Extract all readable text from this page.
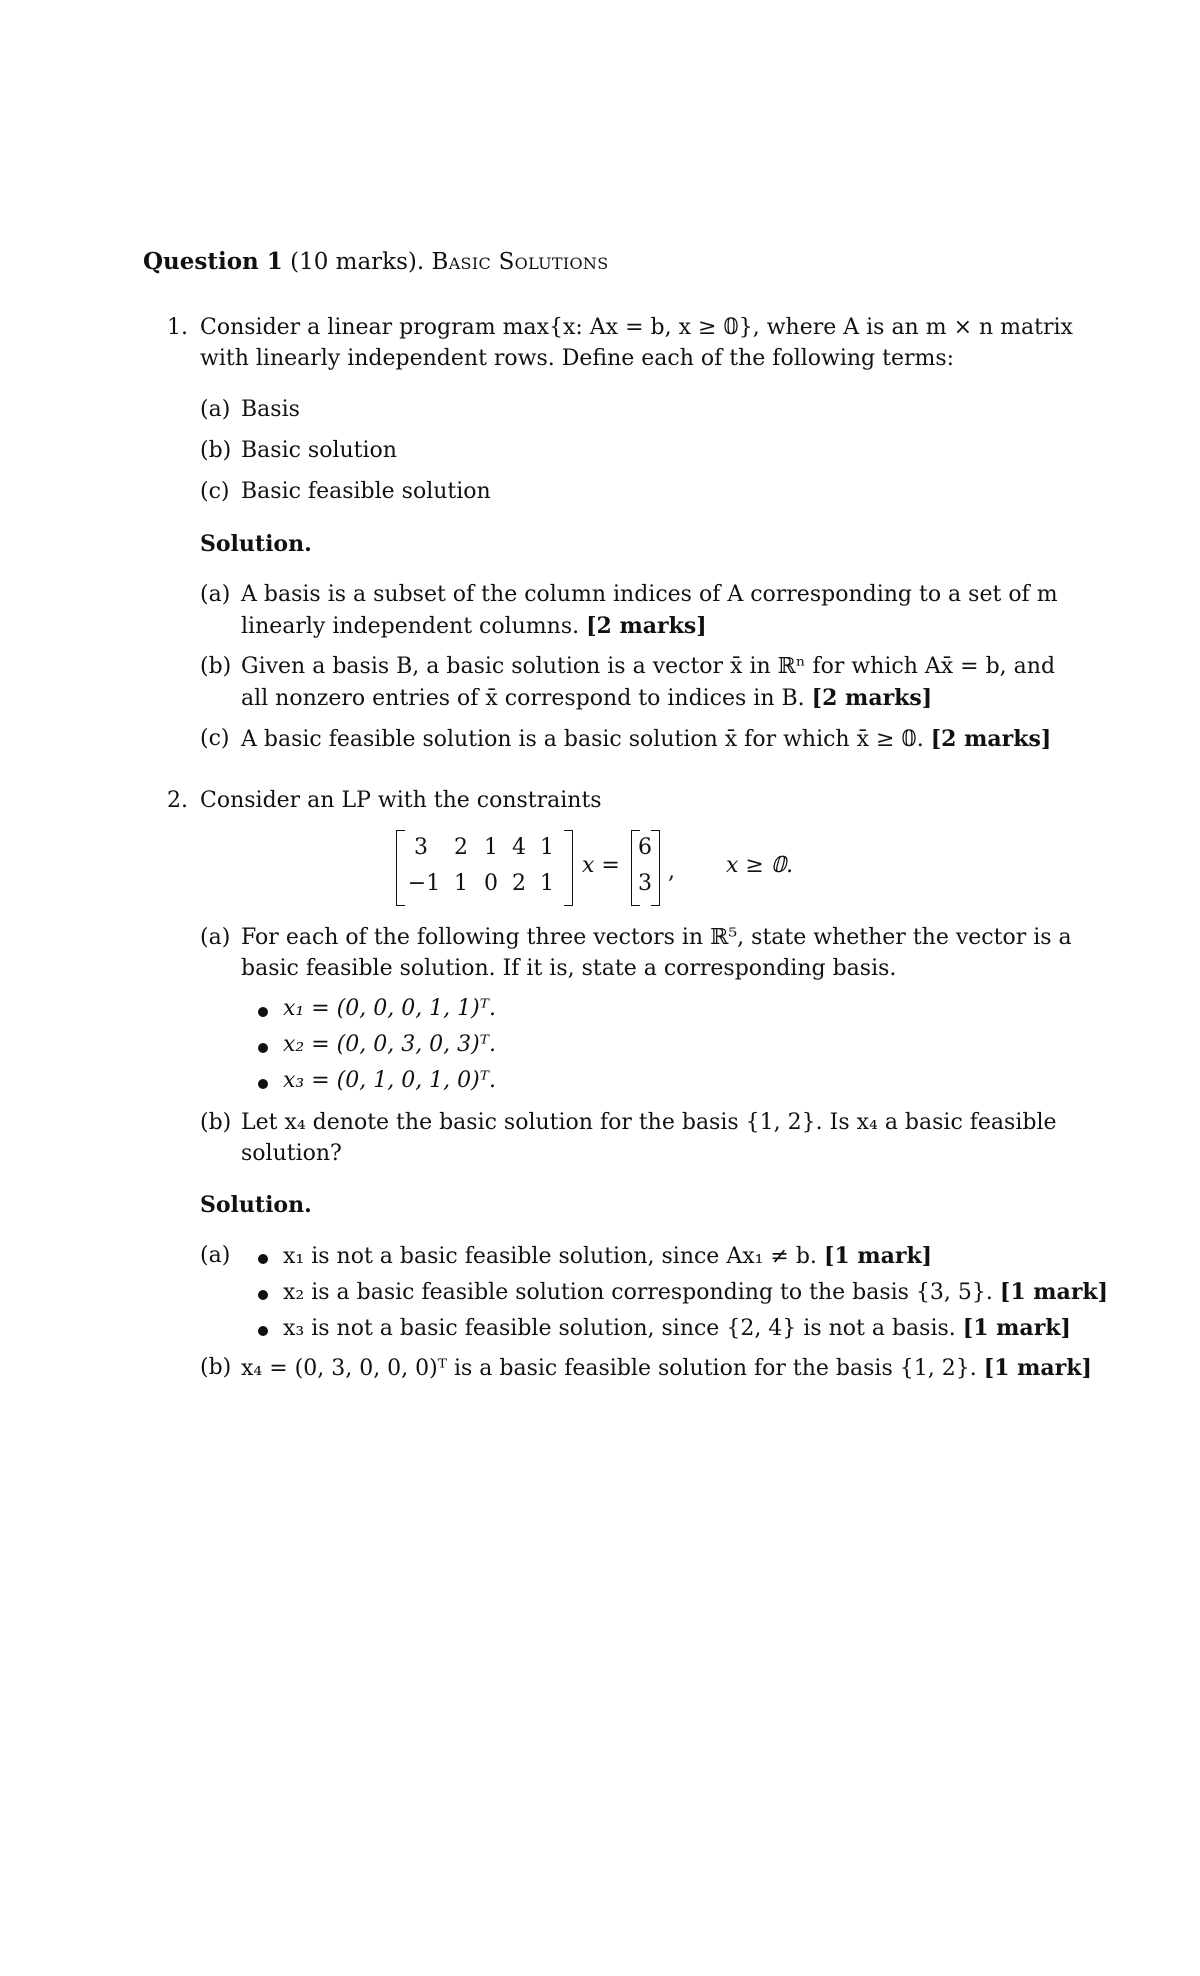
Question 1 (10 marks). Basic Solutions
1. Consider a linear program max{x: Ax = b, x ≥ 𝟘}, where A is an m × n matrix
with linearly independent rows. Define each of the following terms:
(a) Basis
(b) Basic solution
(c) Basic feasible solution
Solution.
(a) A basis is a subset of the column indices of A corresponding to a set of m
linearly independent columns. [2 marks]
(b) Given a basis B, a basic solution is a vector x̄ in ℝⁿ for which Ax̄ = b, and
all nonzero entries of x̄ correspond to indices in B. [2 marks]
(c) A basic feasible solution is a basic solution x̄ for which x̄ ≥ 𝟘. [2 marks]
2. Consider an LP with the constraints
3	2 1 4 1
−1 1 0 2 1
x =
6
3 , x ≥ 𝟘.
(a) For each of the following three vectors in ℝ⁵, state whether the vector is a
basic feasible solution. If it is, state a corresponding basis.
x₁ = (0, 0, 0, 1, 1)ᵀ.
x₂ = (0, 0, 3, 0, 3)ᵀ.
x₃ = (0, 1, 0, 1, 0)ᵀ.
(b) Let x₄ denote the basic solution for the basis {1, 2}. Is x₄ a basic feasible
solution?
Solution.
(a) x₁ is not a basic feasible solution, since Ax₁ ≠ b. [1 mark]
x₂ is a basic feasible solution corresponding to the basis {3, 5}. [1 mark]
x₃ is not a basic feasible solution, since {2, 4} is not a basis. [1 mark]
(b) x₄ = (0, 3, 0, 0, 0)ᵀ is a basic feasible solution for the basis {1, 2}. [1 mark]
